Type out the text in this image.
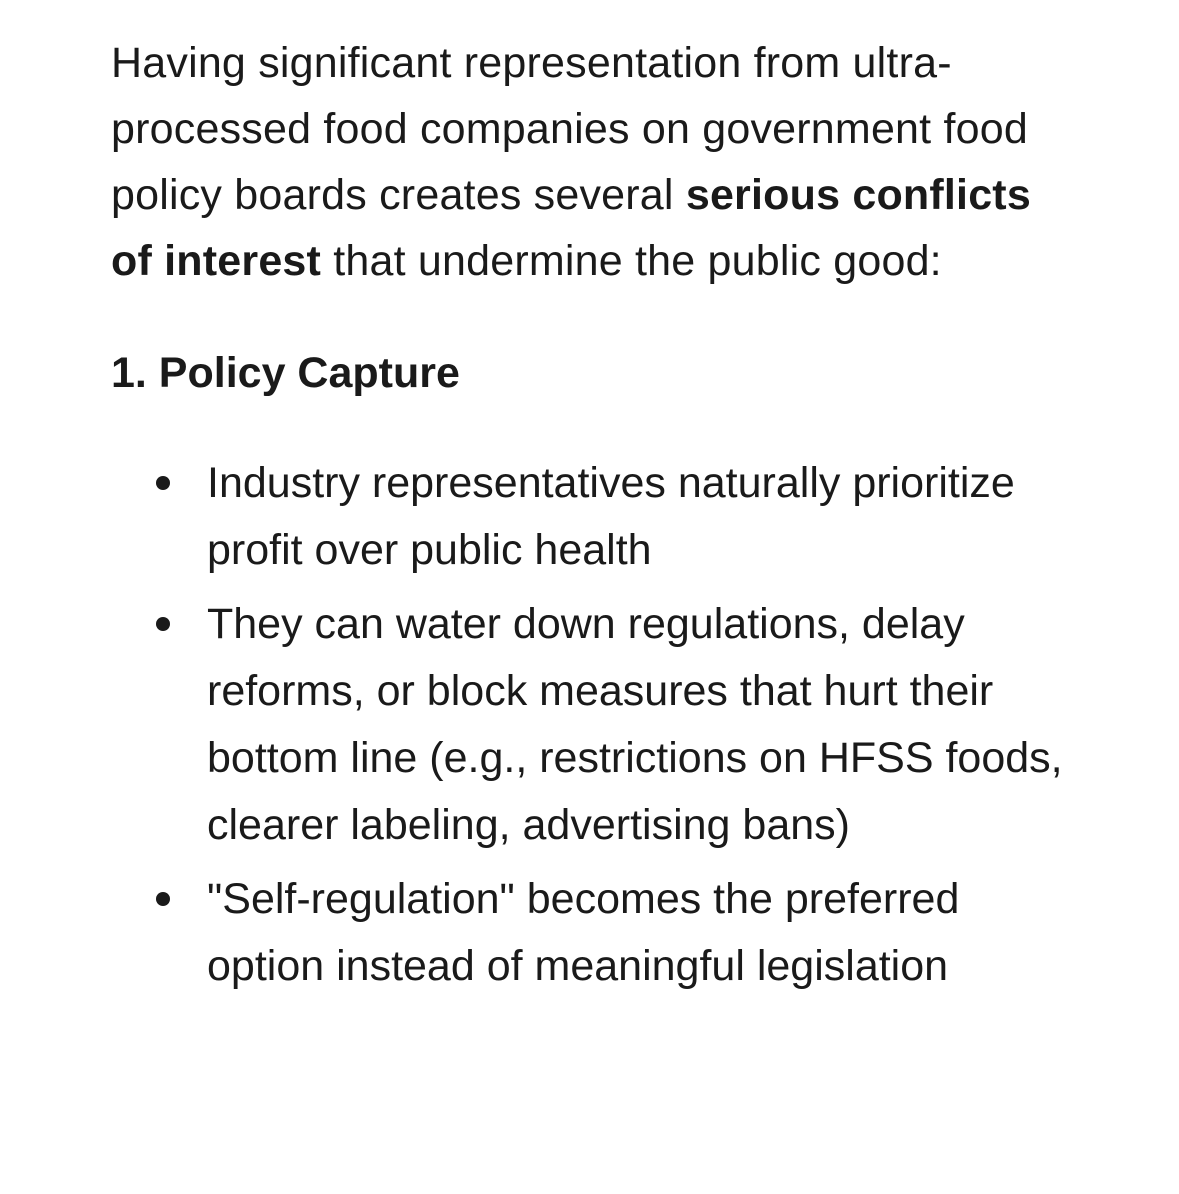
Having significant representation from ultra-processed food companies on government food policy boards creates several serious conflicts of interest that undermine the public good:

1. Policy Capture
Industry representatives naturally prioritize profit over public health
They can water down regulations, delay reforms, or block measures that hurt their bottom line (e.g., restrictions on HFSS foods, clearer labeling, advertising bans)
"Self-regulation" becomes the preferred option instead of meaningful legislation
